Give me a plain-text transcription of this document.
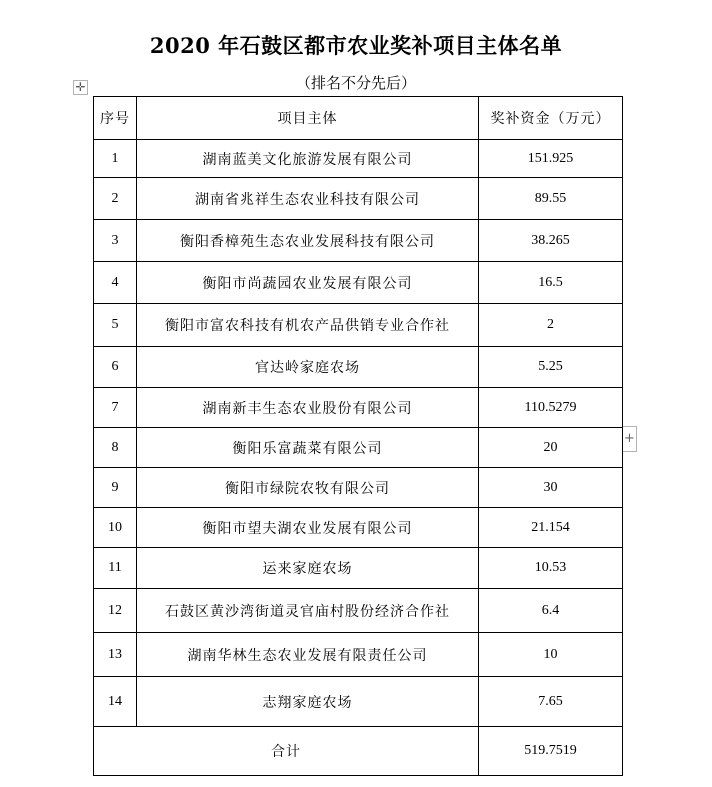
2020 年石鼓区都市农业奖补项目主体名单
（排名不分先后）
✛
+
序号	项目主体	奖补资金（万元）
1	湖南蓝美文化旅游发展有限公司	151.925
2	湖南省兆祥生态农业科技有限公司	89.55
3	衡阳香樟苑生态农业发展科技有限公司	38.265
4	衡阳市尚蔬园农业发展有限公司	16.5
5	衡阳市富农科技有机农产品供销专业合作社	2
6	官达岭家庭农场	5.25
7	湖南新丰生态农业股份有限公司	110.5279
8	衡阳乐富蔬菜有限公司	20
9	衡阳市绿院农牧有限公司	30
10	衡阳市望夫湖农业发展有限公司	21.154
11	运来家庭农场	10.53
12	石鼓区黄沙湾街道灵官庙村股份经济合作社	6.4
13	湖南华林生态农业发展有限责任公司	10
14	志翔家庭农场	7.65
合计		519.7519
